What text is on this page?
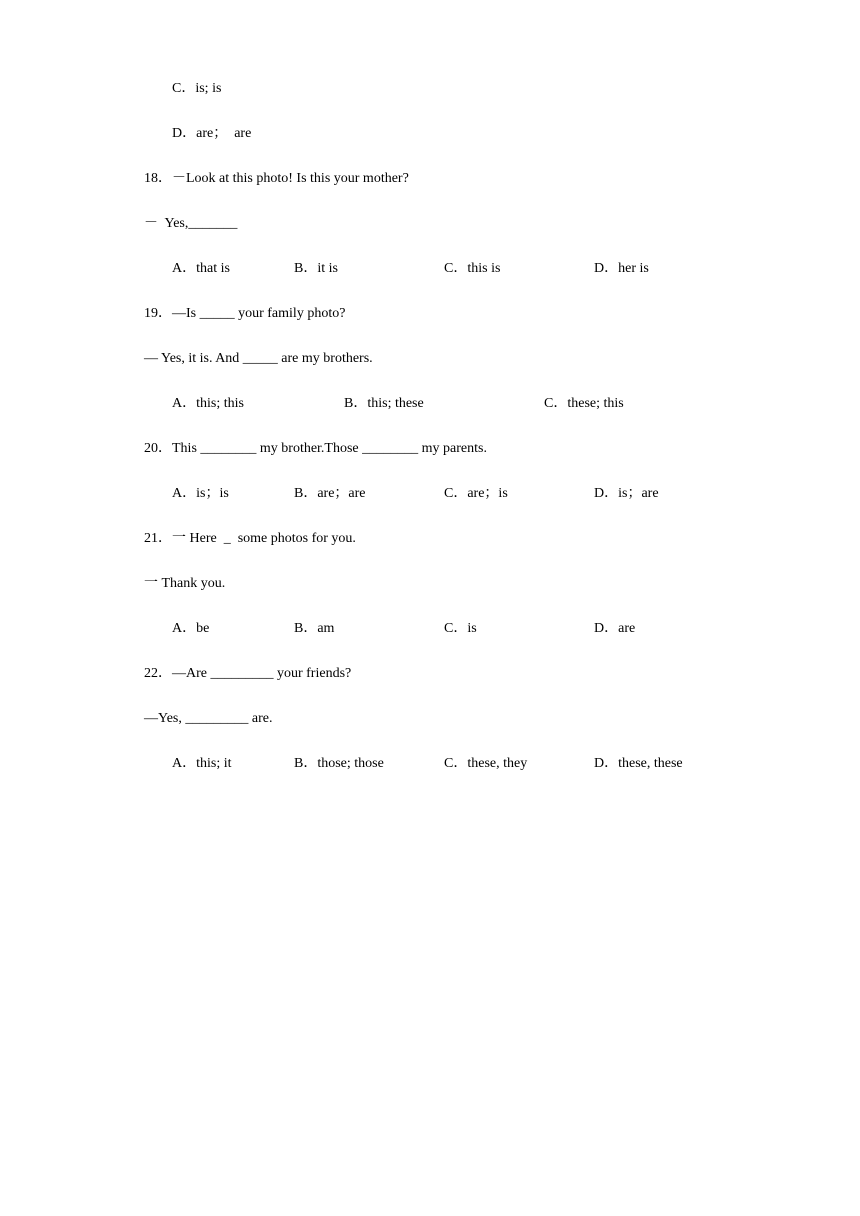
C．is; is
D．are；  are
18．－Look at this photo! Is this your mother?
－  Yes,_______
A．that is	B．it is	C．this is	D．her is
19．—Is _____ your family photo?
— Yes, it is. And _____ are my brothers.
A．this; this	B．this; these	C．these; this
20．This ________ my brother.Those ________ my parents.
A．is；is	B．are；are	C．are；is	D．is；are
21．一 Here  _  some photos for you.
一 Thank you.
A．be	B．am	C．is	D．are
22．—Are _________ your friends?
—Yes, _________ are.
A．this; it	B．those; those	C．these, they	D．these, these
